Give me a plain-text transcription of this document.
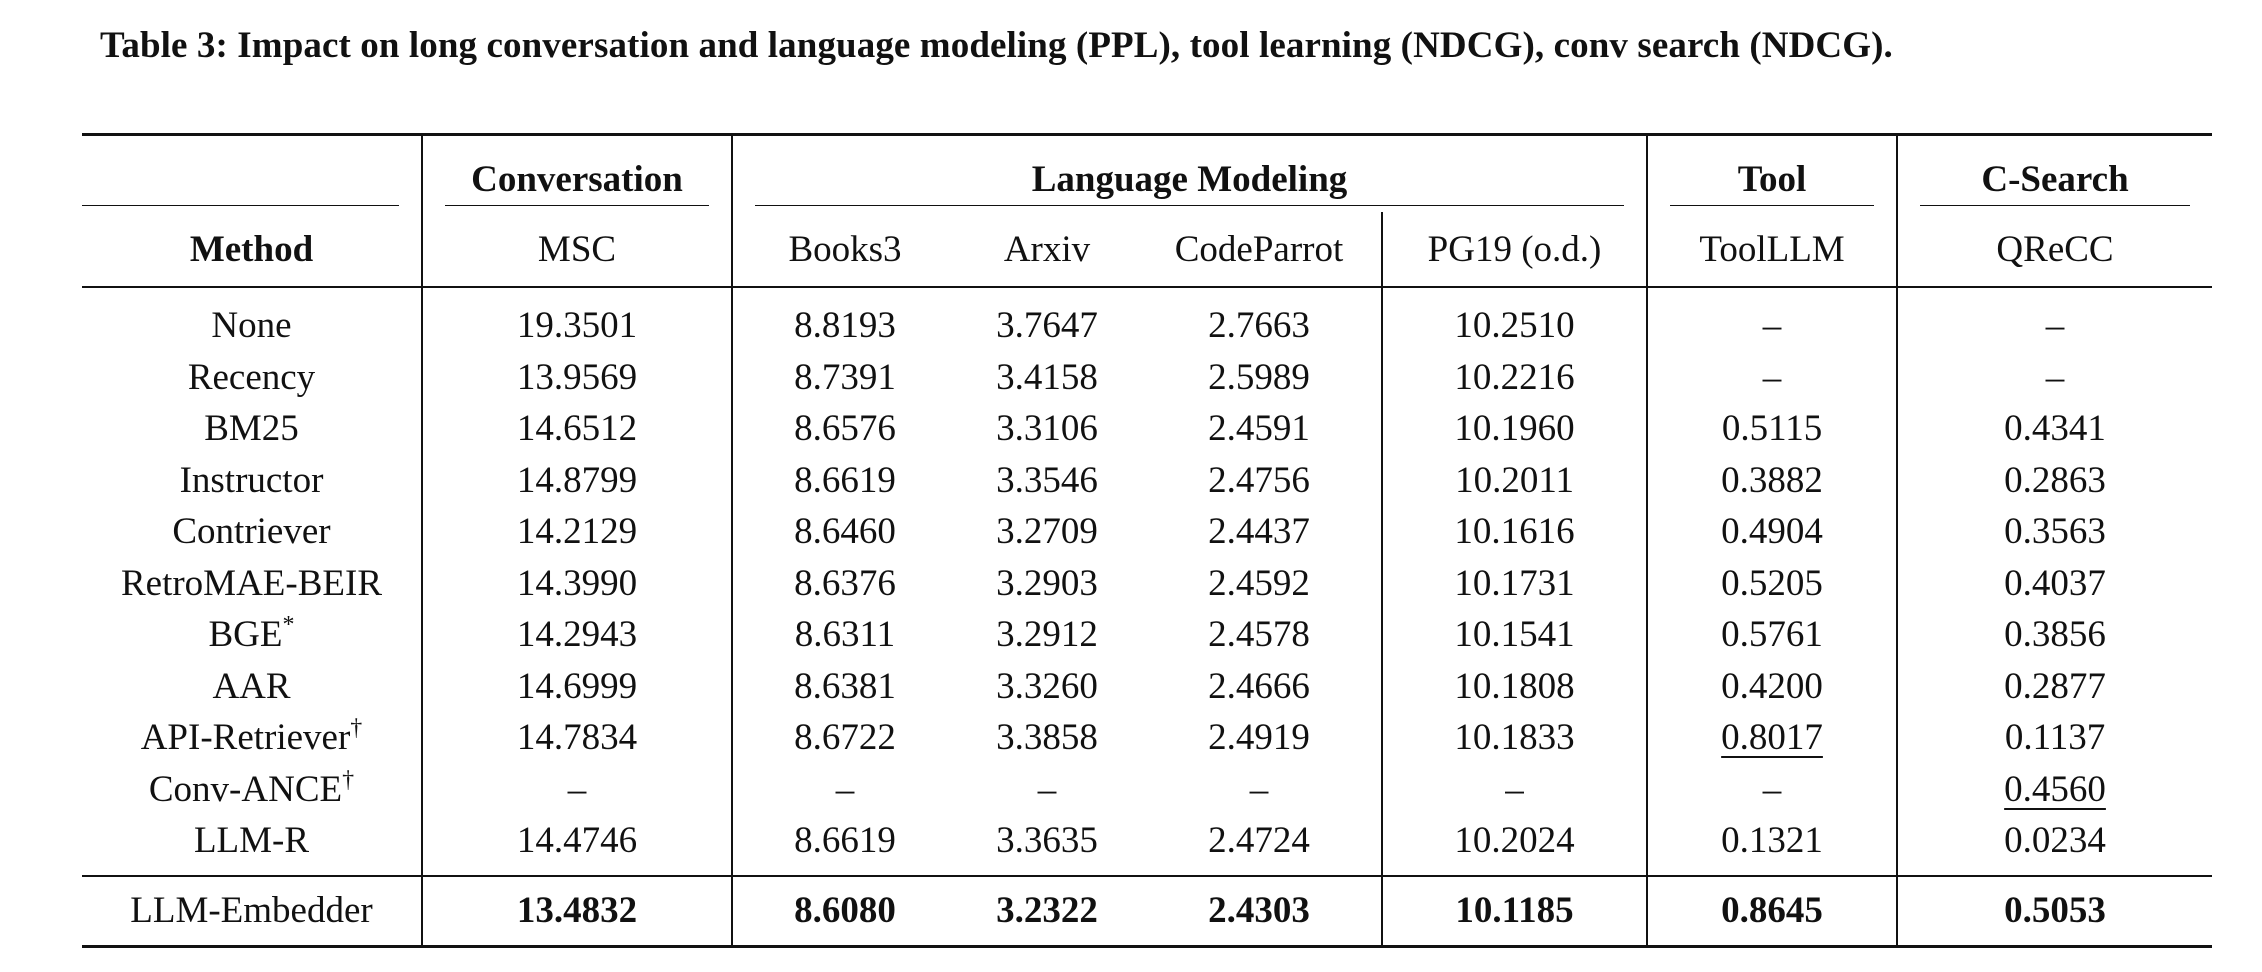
Table 3: Impact on long conversation and language modeling (PPL), tool learning (NDCG), conv search (NDCG).

	Conversation	Language Modeling				Tool	C-Search

Method	MSC	Books3	Arxiv	CodeParrot	PG19 (o.d.)	ToolLLM	QReCC
None	19.3501	8.8193	3.7647	2.7663	10.2510	–	–
Recency	13.9569	8.7391	3.4158	2.5989	10.2216	–	–
BM25	14.6512	8.6576	3.3106	2.4591	10.1960	0.5115	0.4341
Instructor	14.8799	8.6619	3.3546	2.4756	10.2011	0.3882	0.2863
Contriever	14.2129	8.6460	3.2709	2.4437	10.1616	0.4904	0.3563
RetroMAE-BEIR	14.3990	8.6376	3.2903	2.4592	10.1731	0.5205	0.4037
BGE*	14.2943	8.6311	3.2912	2.4578	10.1541	0.5761	0.3856
AAR	14.6999	8.6381	3.3260	2.4666	10.1808	0.4200	0.2877
API-Retriever†	14.7834	8.6722	3.3858	2.4919	10.1833	0.8017	0.1137
Conv-ANCE†	–	–	–	–	–	–	0.4560
LLM-R	14.4746	8.6619	3.3635	2.4724	10.2024	0.1321	0.0234
LLM-Embedder	13.4832	8.6080	3.2322	2.4303	10.1185	0.8645	0.5053
